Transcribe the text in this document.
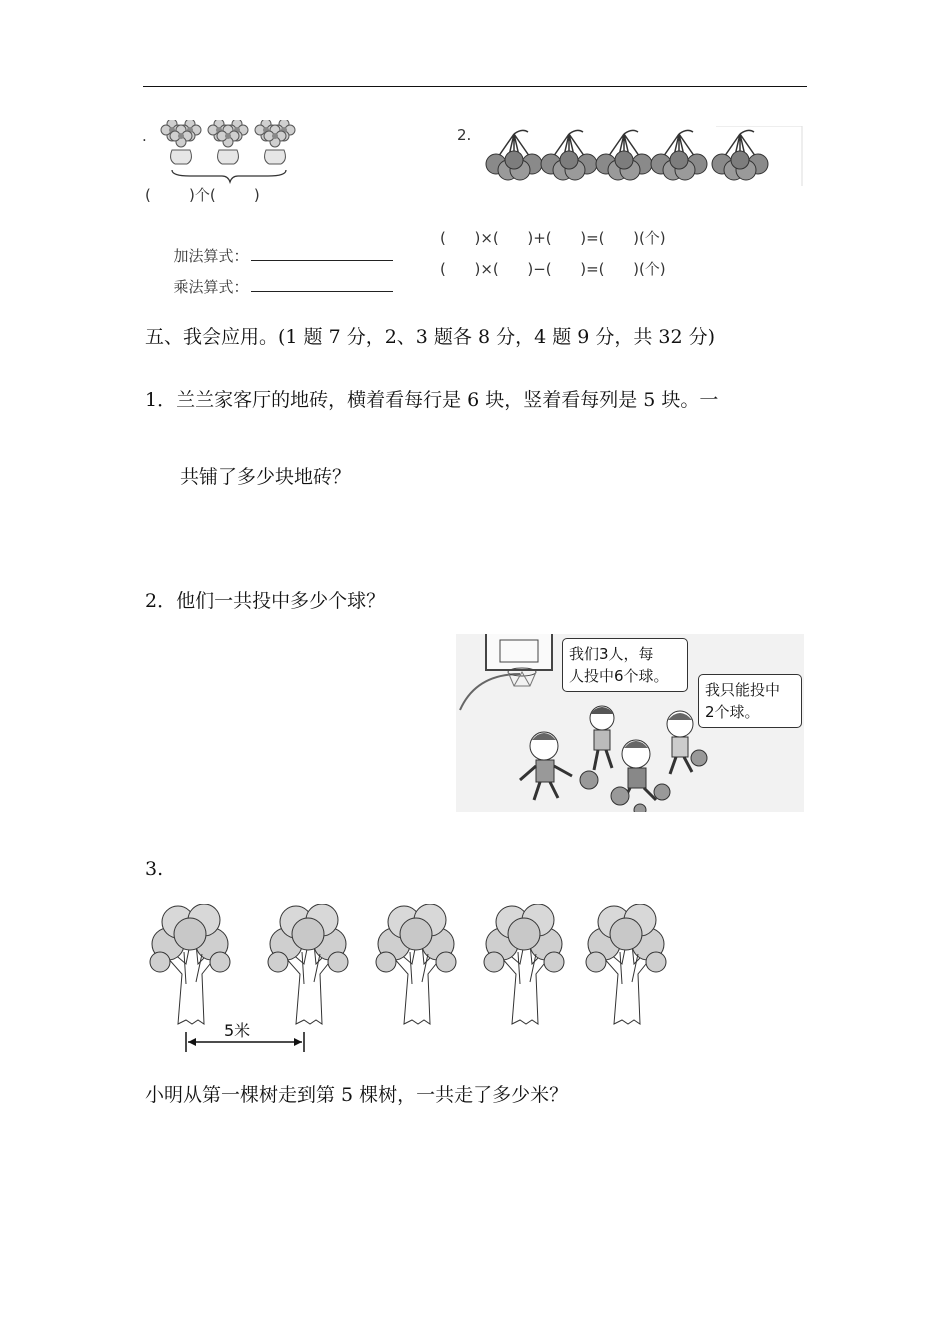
.
(        )个(        )
2.

加法算式：

乘法算式：

(      )×(      )+(      )=(      )(个)
(      )×(      )−(      )=(      )(个)
五、我会应用。(1 题 7 分，2、3 题各 8 分，4 题 9 分，共 32 分)
1．兰兰家客厅的地砖，横着看每行是 6 块，竖着看每列是 5 块。一
共铺了多少块地砖？
2．他们一共投中多少个球？
我们3人，每
人投中6个球。
我只能投中
2个球。
3.
5米
小明从第一棵树走到第 5 棵树，一共走了多少米？
